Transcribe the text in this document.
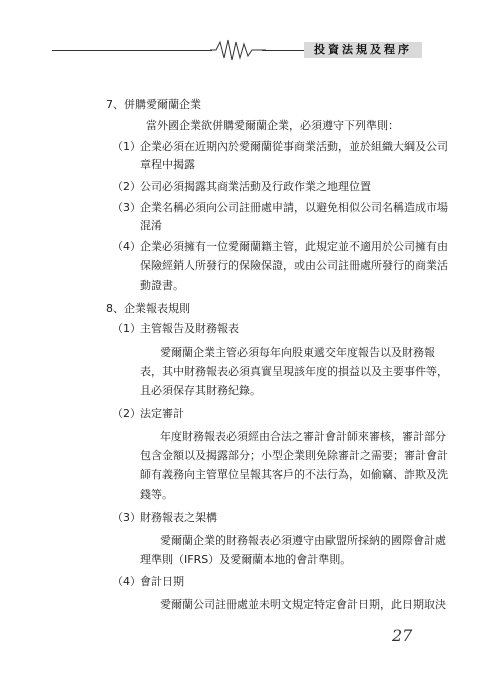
投資法規及程序
7、併購愛爾蘭企業
當外國企業欲併購愛爾蘭企業，必須遵守下列準則：
（1） 企業必須在近期內於愛爾蘭從事商業活動，並於組織大綱及公司
章程中揭露
（2） 公司必須揭露其商業活動及行政作業之地理位置
（3） 企業名稱必須向公司註冊處申請，以避免相似公司名稱造成市場
混淆
（4） 企業必須擁有一位愛爾蘭籍主管，此規定並不適用於公司擁有由
保險經銷人所發行的保險保證，或由公司註冊處所發行的商業活
動證書。
8、企業報表規則
（1） 主管報告及財務報表
愛爾蘭企業主管必須每年向股東遞交年度報告以及財務報
表，其中財務報表必須真實呈現該年度的損益以及主要事件等，
且必須保存其財務紀錄。
（2） 法定審計
年度財務報表必須經由合法之審計會計師來審核，審計部分
包含金額以及揭露部分；小型企業則免除審計之需要；審計會計
師有義務向主管單位呈報其客戶的不法行為，如偷竊、詐欺及洗
錢等。
（3） 財務報表之架構
愛爾蘭企業的財務報表必須遵守由歐盟所採納的國際會計處
理準則（IFRS）及愛爾蘭本地的會計準則。
（4） 會計日期
愛爾蘭公司註冊處並未明文規定特定會計日期，此日期取決
27
